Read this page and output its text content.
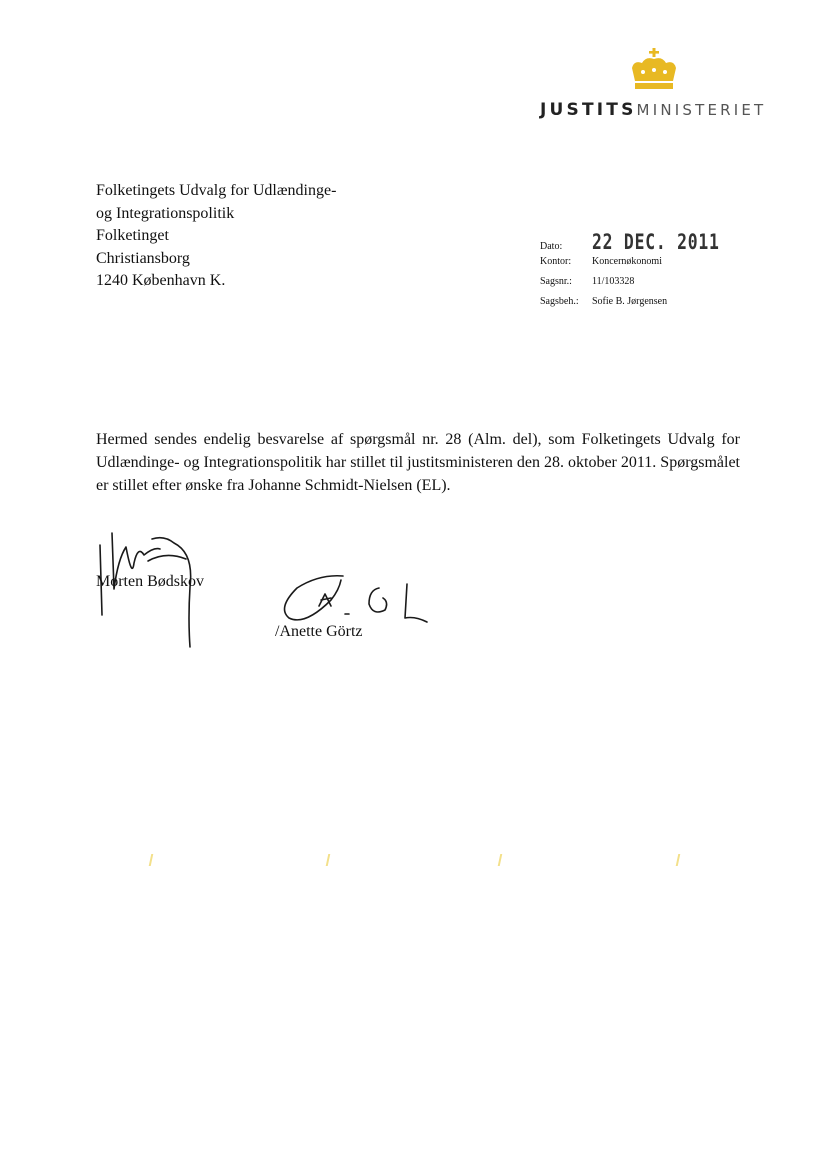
JUSTITSMINISTERIET
Folketingets Udvalg for Udlændinge-
og Integrationspolitik
Folketinget
Christiansborg
1240 København K.
Dato:	22 DEC. 2011
Kontor:	Koncernøkonomi
Sagsnr.:	11/103328
Sagsbeh.:	Sofie B. Jørgensen

Hermed sendes endelig besvarelse af spørgsmål nr. 28 (Alm. del), som Folketingets Udvalg for Udlændinge- og Integrationspolitik har stillet til justitsministeren den 28. oktober 2011. Spørgsmålet er stillet efter ønske fra Johanne Schmidt-Nielsen (EL).

Morten Bødskov
/Anette Görtz
